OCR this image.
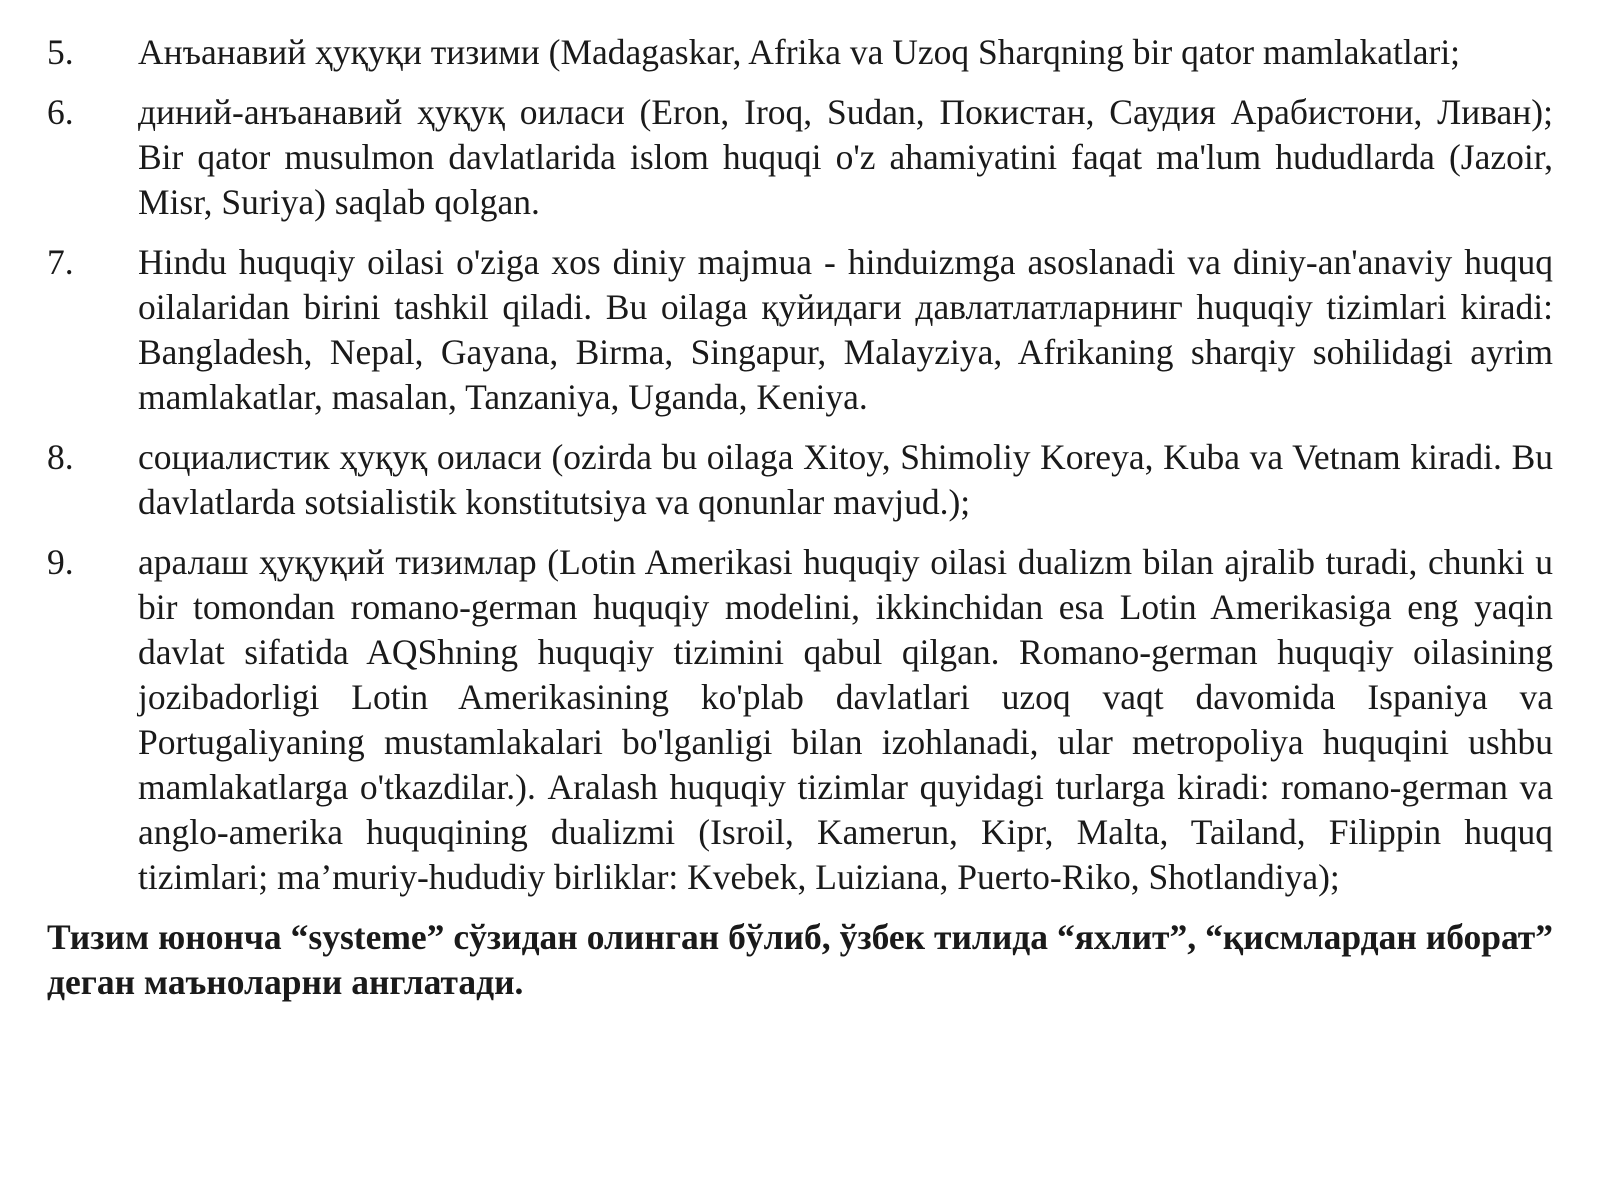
5.	Анъанавий ҳуқуқи тизими (Madagaskar, Afrika va Uzoq Sharqning bir qator mamlakatlari;
6.	диний-анъанавий ҳуқуқ оиласи (Eron, Iroq, Sudan, Покистан, Саудия Арабистони, Ливан); Bir qator musulmon davlatlarida islom huquqi o'z ahamiyatini faqat ma'lum hududlarda (Jazoir, Misr, Suriya) saqlab qolgan.
7.	Hindu huquqiy oilasi o'ziga xos diniy majmua - hinduizmga asoslanadi va diniy-an'anaviy huquq oilalaridan birini tashkil qiladi. Bu oilaga қуйидаги давлатлатларнинг huquqiy tizimlari kiradi: Bangladesh, Nepal, Gayana, Birma, Singapur, Malayziya, Afrikaning sharqiy sohilidagi ayrim mamlakatlar, masalan, Tanzaniya, Uganda, Keniya.
8.	социалистик ҳуқуқ оиласи (ozirda bu oilaga Xitoy, Shimoliy Koreya, Kuba va Vetnam kiradi. Bu davlatlarda sotsialistik konstitutsiya va qonunlar mavjud.);
9.	аралаш ҳуқуқий тизимлар (Lotin Amerikasi huquqiy oilasi dualizm bilan ajralib turadi, chunki u bir tomondan romano-german huquqiy modelini, ikkinchidan esa Lotin Amerikasiga eng yaqin davlat sifatida AQShning huquqiy tizimini qabul qilgan. Romano-german huquqiy oilasining jozibadorligi Lotin Amerikasining ko'plab davlatlari uzoq vaqt davomida Ispaniya va Portugaliyaning mustamlakalari bo'lganligi bilan izohlanadi, ular metropoliya huquqini ushbu mamlakatlarga o'tkazdilar.). Aralash huquqiy tizimlar quyidagi turlarga kiradi: romano-german va anglo-amerika huquqining dualizmi (Isroil, Kamerun, Kipr, Malta, Tailand, Filippin huquq tizimlari; ma’muriy-hududiy birliklar: Kvebek, Luiziana, Puerto-Riko, Shotlandiya);

Тизим юнонча “systeme” сўзидан олинган бўлиб, ўзбек тилида “яхлит”, “қисмлардан иборат” деган маъноларни англатади.
